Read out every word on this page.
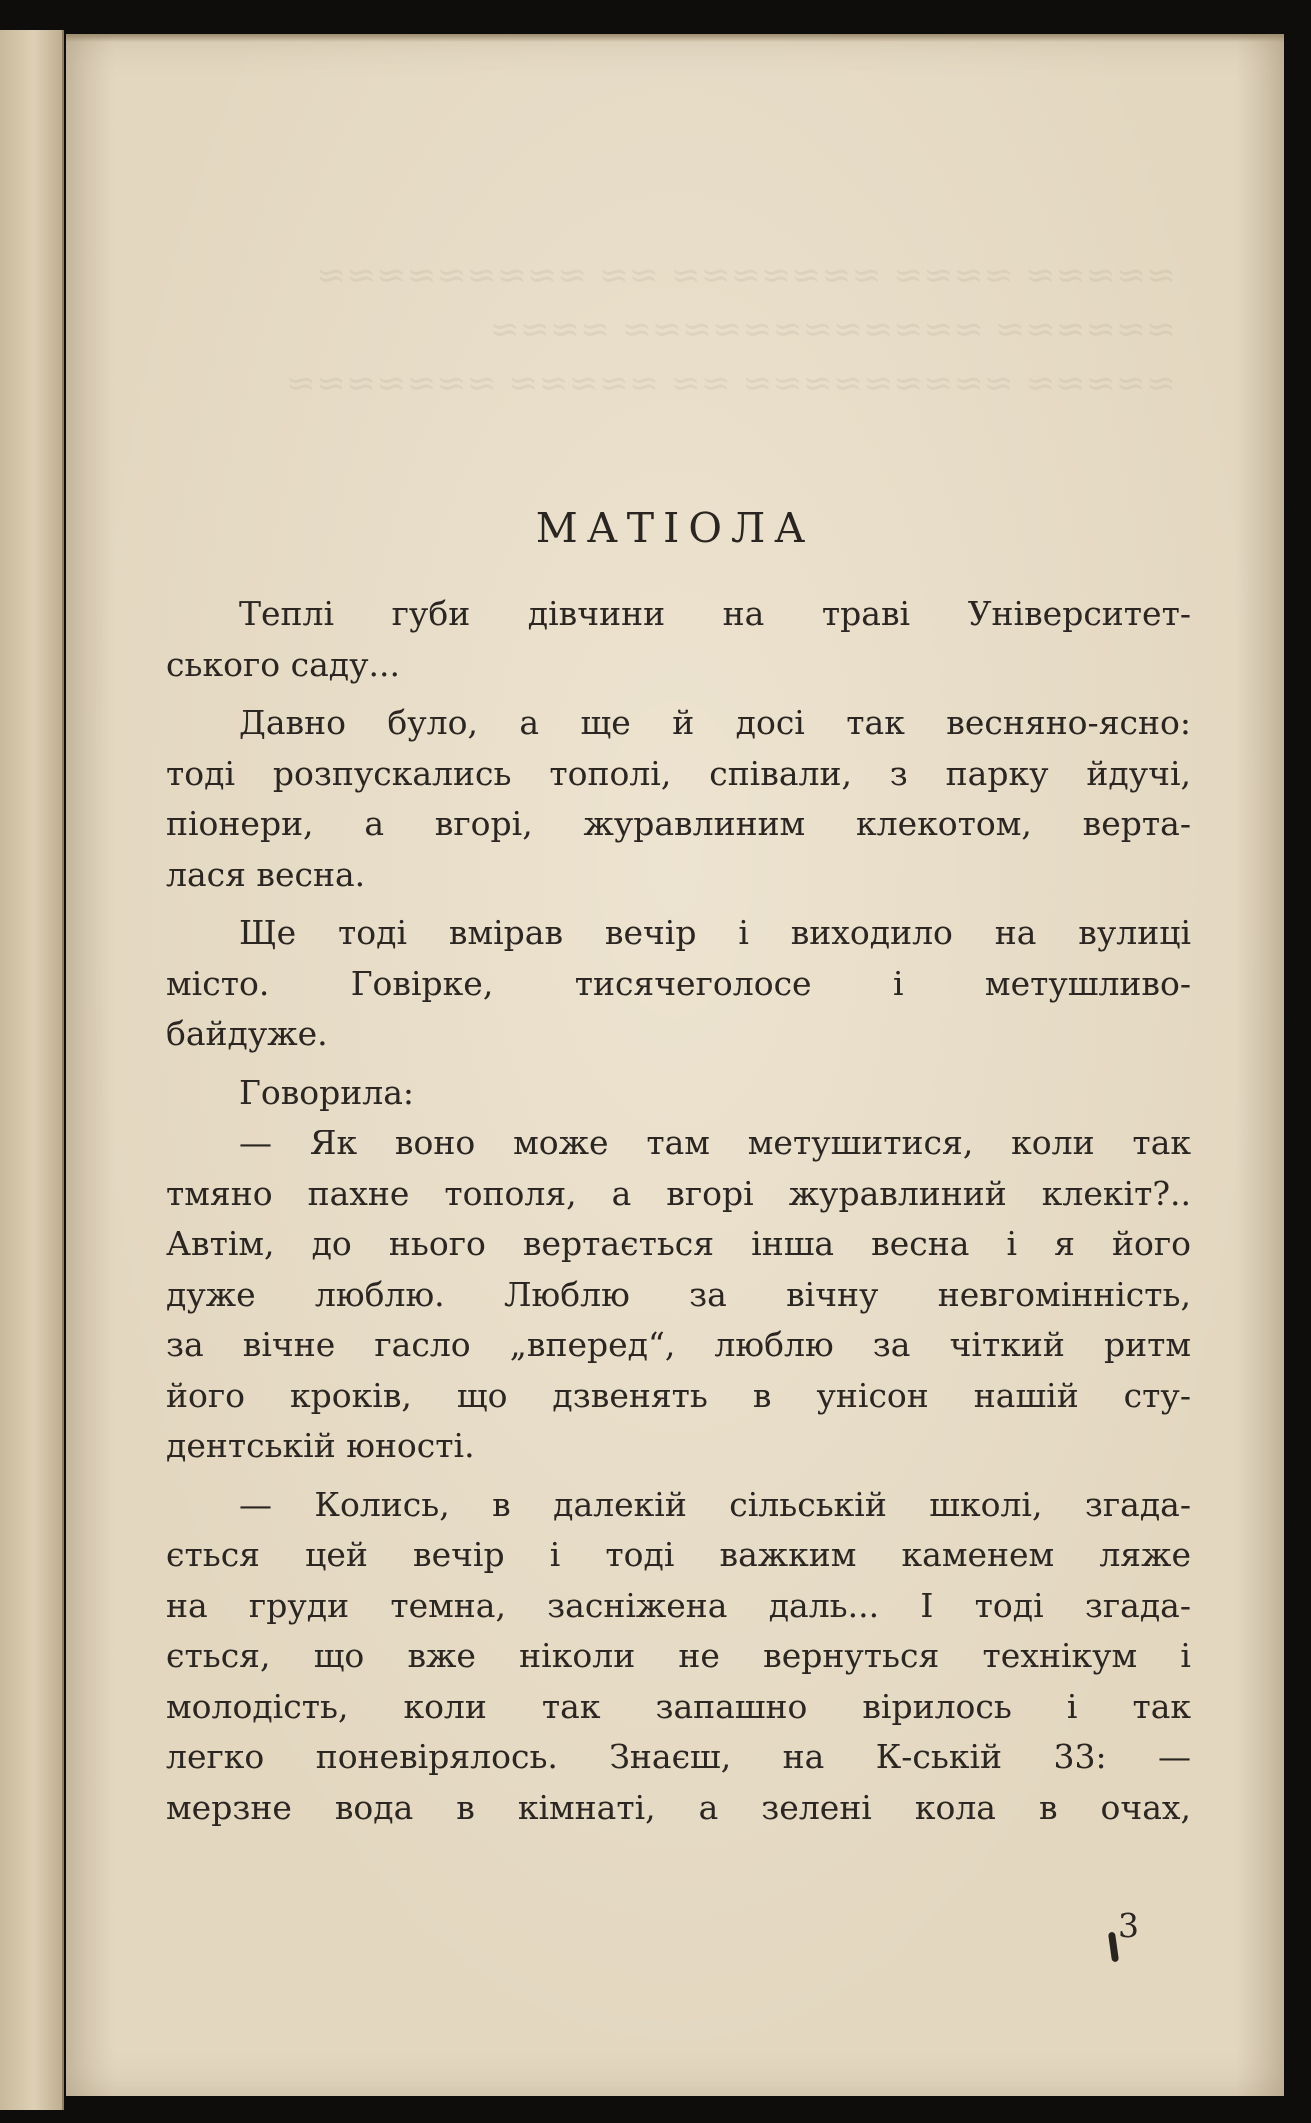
≈≈≈≈≈ ≈≈≈≈ ≈≈≈≈≈≈≈ ≈≈ ≈≈≈≈≈≈≈≈≈
≈≈≈≈≈≈ ≈≈≈≈≈≈≈≈≈≈≈≈ ≈≈≈≈
≈≈≈≈≈ ≈≈≈≈≈≈≈≈≈ ≈≈ ≈≈≈≈≈ ≈≈≈≈≈≈≈
МАТІОЛА
Теплі губи дівчини на траві Університет-
ського саду...
Давно було, а ще й досі так весняно-ясно:
тоді розпускались тополі, співали, з парку йдучі,
піонери, а вгорі, журавлиним клекотом, верта-
лася весна.
Ще тоді вмірав вечір і виходило на вулиці
місто. Говірке, тисячеголосе і метушливо-
байдуже.
Говорила:
— Як воно може там метушитися, коли так
тмяно пахне тополя, а вгорі журавлиний клекіт?..
Автім, до нього вертається інша весна і я його
дуже люблю. Люблю за вічну невгомінність,
за вічне гасло „вперед“, люблю за чіткий ритм
його кроків, що дзвенять в унісон нашій сту-
дентській юності.
— Колись, в далекій сільській школі, згада-
ється цей вечір і тоді важким каменем ляже
на груди темна, засніжена даль... І тоді згада-
ється, що вже ніколи не вернуться технікум і
молодість, коли так запашно вірилось і так
легко поневірялось. Знаєш, на К-ській 33: —
мерзне вода в кімнаті, а зелені кола в очах,
3
